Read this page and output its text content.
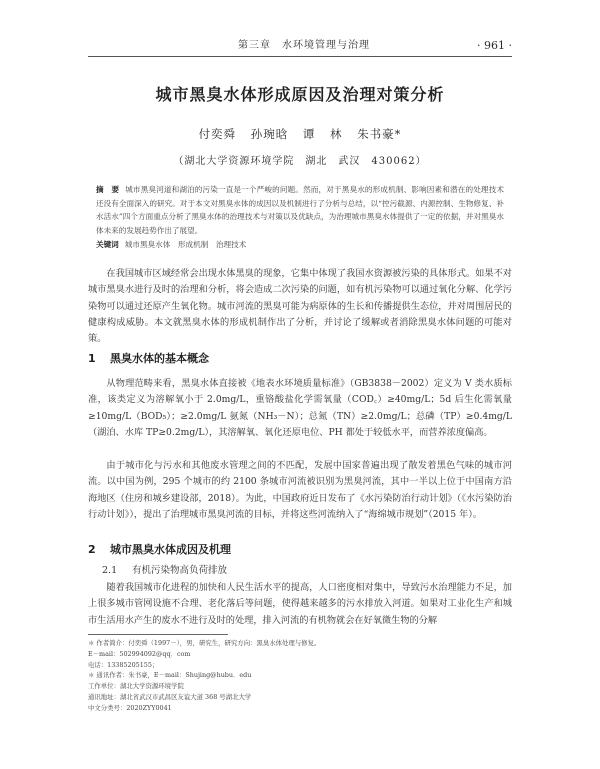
第三章　水环境管理与治理	· 961 ·
城市黑臭水体形成原因及治理对策分析
付奕舜 孙琬晗 谭 林 朱书豪*
（湖北大学资源环境学院　湖北　武汉　430062）
摘　要 城市黑臭河道和湖泊的污染一直是一个严峻的问题。然而，对于黑臭水的形成机制、影响因素和潜在的处理技术还没有全面深入的研究。对于本文对黑臭水体的成因以及机制进行了分析与总结，以“控污截源、内源控制、生物修复、补水活水”四个方面重点分析了黑臭水体的治理技术与对策以及优缺点，为治理城市黑臭水体提供了一定的依据，并对黑臭水体未来的发展趋势作出了展望。
关键词 城市黑臭水体　形成机制　治理技术
在我国城市区域经常会出现水体黑臭的现象，它集中体现了我国水资源被污染的具体形式。如果不对城市黑臭水进行及时的治理和分析，将会造成二次污染的问题，如有机污染物可以通过氧化分解、化学污染物可以通过还原产生氧化物。城市河流的黑臭可能为病原体的生长和传播提供生态位，并对周围居民的健康构成威胁。本文就黑臭水体的形成机制作出了分析，并讨论了缓解或者消除黑臭水体问题的可能对策。
1 黑臭水体的基本概念
从物理范畴来看，黑臭水体直接被《地表水环境质量标准》（GB3838－2002）定义为 V 类水质标准，该类定义为溶解氧小于 2.0mg/L，重铬酸盐化学需氧量（COD꜀）≥40mg/L；5d 后生化需氧量≥10mg/L（BOD₅）；≥2.0mg/L 氨氮（NH₃－N）；总氮（TN）≥2.0mg/L；总磷（TP）≥0.4mg/L（湖泊、水库 TP≥0.2mg/L），其溶解氧、氧化还原电位、PH 都处于较低水平，而营养浓度偏高。
由于城市化与污水和其他废水管理之间的不匹配，发展中国家普遍出现了散发着黑色气味的城市河流。以中国为例，295 个城市的约 2100 条城市河流被识别为黑臭河流，其中一半以上位于中国南方沿海地区（住房和城乡建设部，2018）。为此，中国政府近日发布了《水污染防治行动计划》（《水污染防治行动计划》），提出了治理城市黑臭河流的目标，并将这些河流纳入了“海绵城市规划”（2015 年）。
2 城市黑臭水体成因及机理
2.1 有机污染物高负荷排放
随着我国城市化进程的加快和人民生活水平的提高，人口密度相对集中，导致污水治理能力不足，加上很多城市管网设施不合理、老化落后等问题，使得越来越多的污水排放入河道。如果对工业化生产和城市生活用水产生的废水不进行及时的处理，排入河流的有机物就会在好氧微生物的分解
＊ 作者简介：付奕舜（1997－），男，研究生，研究方向：黑臭水体处理与修复。
E－mail：502994092@qq．com
电话：13385205155；
＊ 通讯作者：朱书豪，E－mail：Shujing@hubu．edu
工作单位：湖北大学资源环境学院
通讯地址：湖北省武汉市武昌区友谊大道 368 号湖北大学
中文分类号：2020ZYY0041
